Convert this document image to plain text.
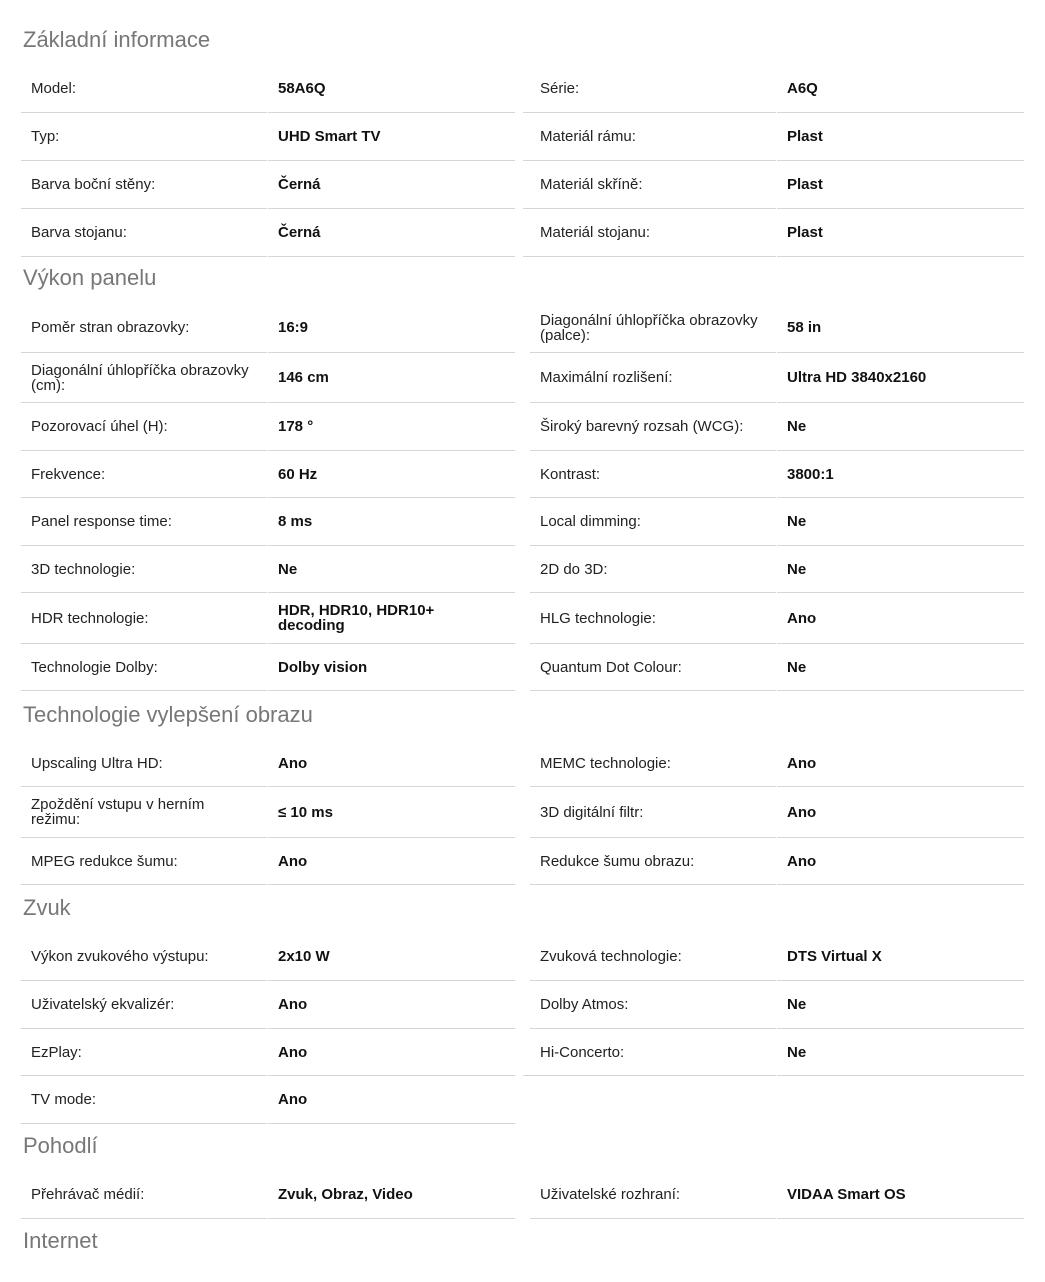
Základní informace
Model:	58A6Q	Série:	A6Q
Typ:	UHD Smart TV	Materiál rámu:	Plast
Barva boční stěny:	Černá	Materiál skříně:	Plast
Barva stojanu:	Černá	Materiál stojanu:	Plast
Výkon panelu
Poměr stran obrazovky:	16:9	Diagonální úhlopříčka obrazovky (palce):	58 in
Diagonální úhlopříčka obrazovky (cm):	146 cm	Maximální rozlišení:	Ultra HD 3840x2160
Pozorovací úhel (H):	178 °	Široký barevný rozsah (WCG):	Ne
Frekvence:	60 Hz	Kontrast:	3800:1
Panel response time:	8 ms	Local dimming:	Ne
3D technologie:	Ne	2D do 3D:	Ne
HDR technologie:	HDR, HDR10, HDR10+ decoding	HLG technologie:	Ano
Technologie Dolby:	Dolby vision	Quantum Dot Colour:	Ne
Technologie vylepšení obrazu
Upscaling Ultra HD:	Ano	MEMC technologie:	Ano
Zpoždění vstupu v herním režimu:	≤ 10 ms	3D digitální filtr:	Ano
MPEG redukce šumu:	Ano	Redukce šumu obrazu:	Ano
Zvuk
Výkon zvukového výstupu:	2x10 W	Zvuková technologie:	DTS Virtual X
Uživatelský ekvalizér:	Ano	Dolby Atmos:	Ne
EzPlay:	Ano	Hi-Concerto:	Ne
TV mode:	Ano
Pohodlí
Přehrávač médií:	Zvuk, Obraz, Video	Uživatelské rozhraní:	VIDAA Smart OS
Internet
